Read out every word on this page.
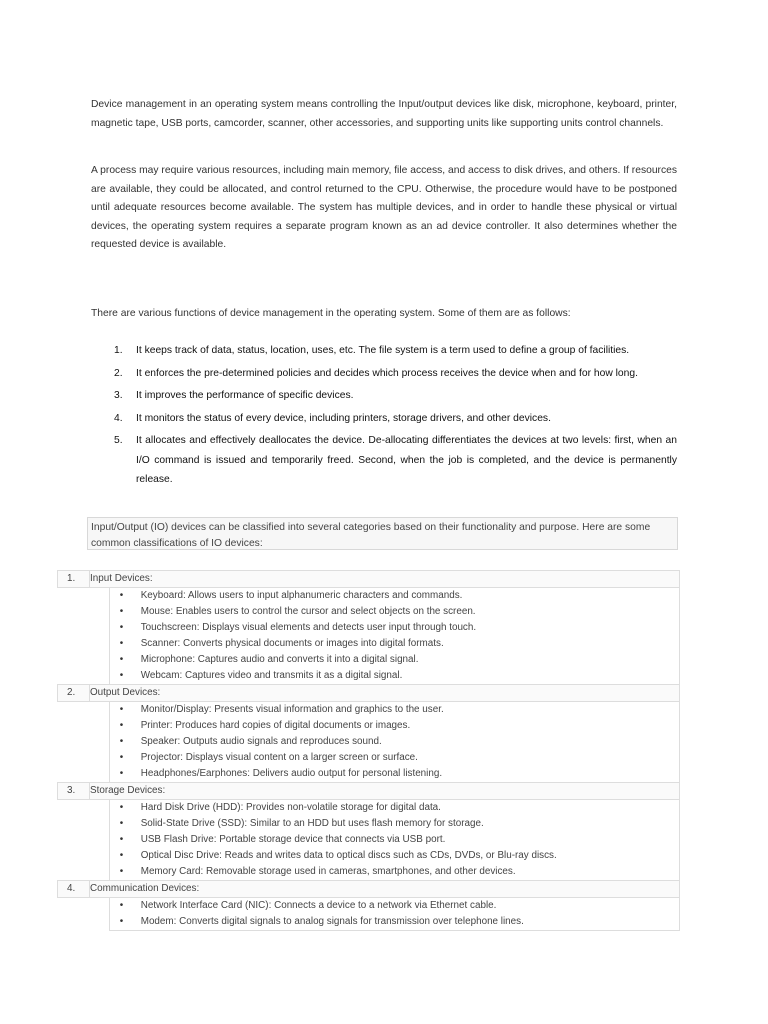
Device management in an operating system means controlling the Input/output devices like disk, microphone, keyboard, printer, magnetic tape, USB ports, camcorder, scanner, other accessories, and supporting units like supporting units control channels.

A process may require various resources, including main memory, file access, and access to disk drives, and others. If resources are available, they could be allocated, and control returned to the CPU. Otherwise, the procedure would have to be postponed until adequate resources become available. The system has multiple devices, and in order to handle these physical or virtual devices, the operating system requires a separate program known as an ad device controller. It also determines whether the requested device is available.

There are various functions of device management in the operating system. Some of them are as follows:

1. It keeps track of data, status, location, uses, etc. The file system is a term used to define a group of facilities.
2. It enforces the pre-determined policies and decides which process receives the device when and for how long.
3. It improves the performance of specific devices.
4. It monitors the status of every device, including printers, storage drivers, and other devices.
5. It allocates and effectively deallocates the device. De-allocating differentiates the devices at two levels: first, when an I/O command is issued and temporarily freed. Second, when the job is completed, and the device is permanently release.
Input/Output (IO) devices can be classified into several categories based on their functionality and purpose. Here are some common classifications of IO devices:
1.	Input Devices:	
		• Keyboard: Allows users to input alphanumeric characters and commands.
		• Mouse: Enables users to control the cursor and select objects on the screen.
		• Touchscreen: Displays visual elements and detects user input through touch.
		• Scanner: Converts physical documents or images into digital formats.
		• Microphone: Captures audio and converts it into a digital signal.
		• Webcam: Captures video and transmits it as a digital signal.
2.	Output Devices:	
		• Monitor/Display: Presents visual information and graphics to the user.
		• Printer: Produces hard copies of digital documents or images.
		• Speaker: Outputs audio signals and reproduces sound.
		• Projector: Displays visual content on a larger screen or surface.
		• Headphones/Earphones: Delivers audio output for personal listening.
3.	Storage Devices:	
		• Hard Disk Drive (HDD): Provides non-volatile storage for digital data.
		• Solid-State Drive (SSD): Similar to an HDD but uses flash memory for storage.
		• USB Flash Drive: Portable storage device that connects via USB port.
		• Optical Disc Drive: Reads and writes data to optical discs such as CDs, DVDs, or Blu-ray discs.
		• Memory Card: Removable storage used in cameras, smartphones, and other devices.
4.	Communication Devices:	
		• Network Interface Card (NIC): Connects a device to a network via Ethernet cable.
		• Modem: Converts digital signals to analog signals for transmission over telephone lines.
